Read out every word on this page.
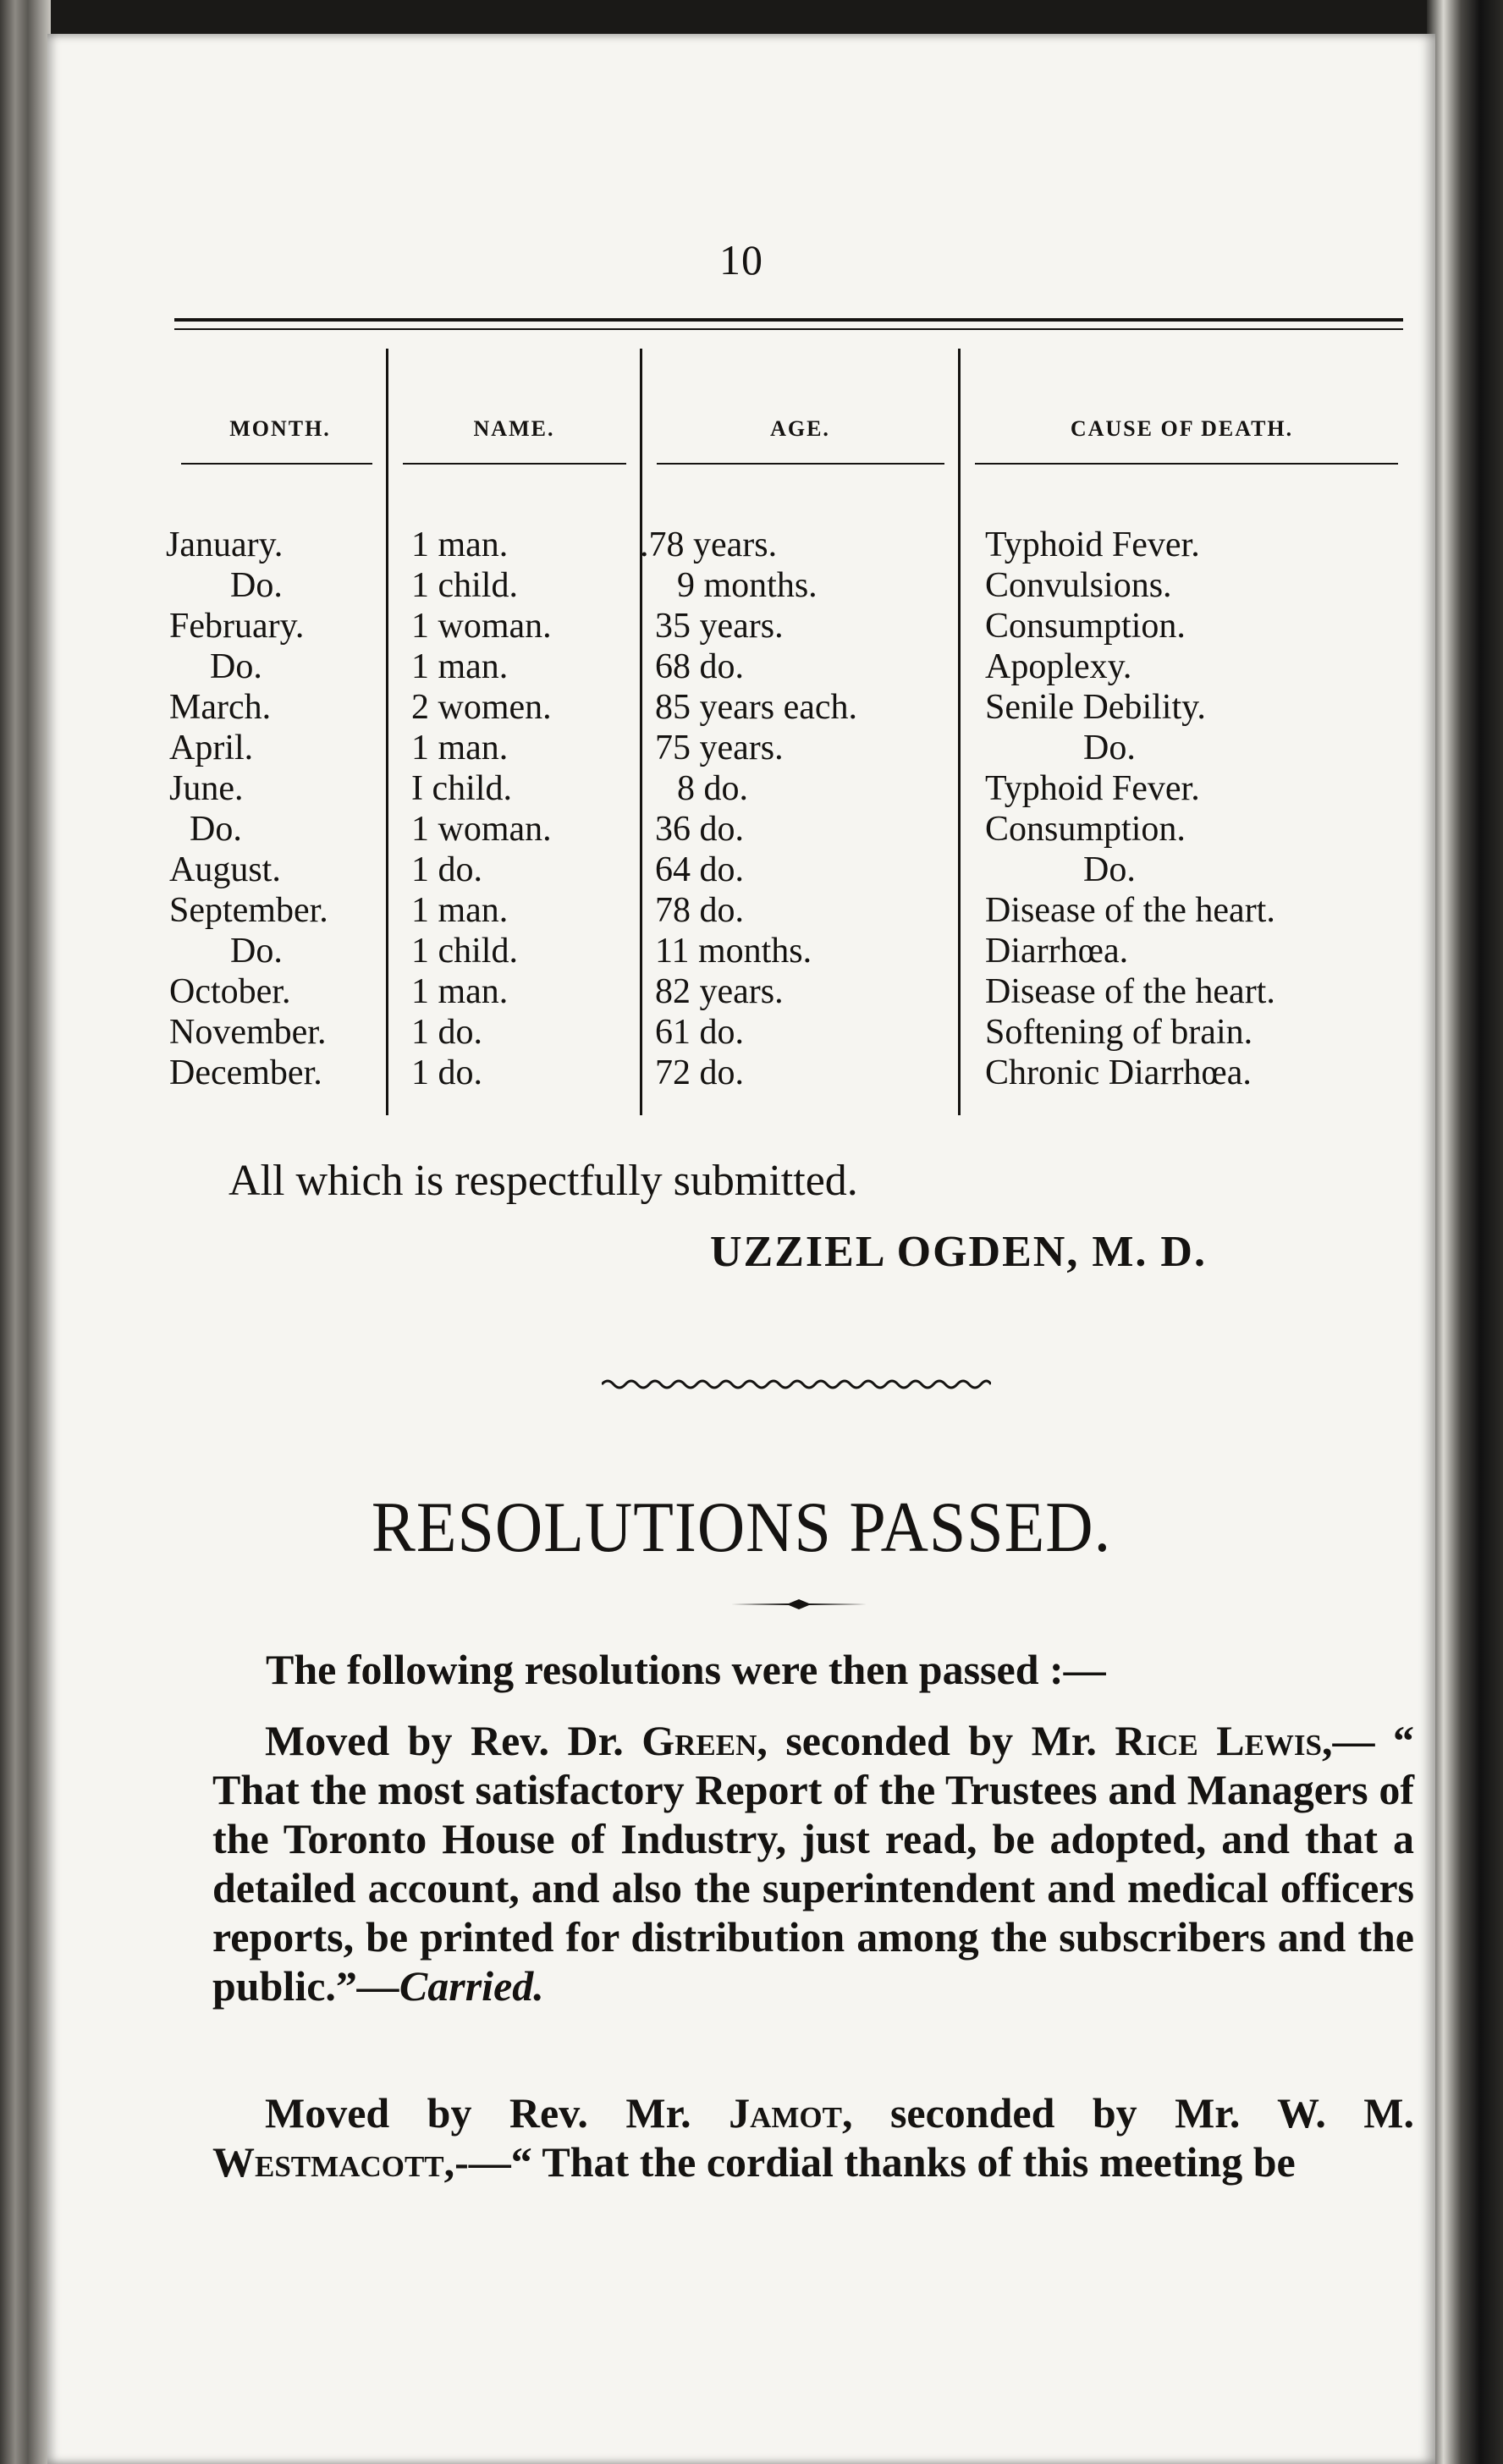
10
MONTH.	NAME.	AGE.	CAUSE OF DEATH.
January.	1 man.	.78 years.	Typhoid Fever.
Do.	1 child.	9 months.	Convulsions.
February.	1 woman.	35 years.	Consumption.
Do.	1 man.	68 do.	Apoplexy.
March.	2 women.	85 years each.	Senile Debility.
April.	1 man.	75 years.	Do.
June.	I child.	8 do.	Typhoid Fever.
Do.	1 woman.	36 do.	Consumption.
August.	1 do.	64 do.	Do.
September. 1 man.	78 do.	Disease of the heart.
Do.	1 child.	11 months.	Diarrhœa.
October.	1 man.	82 years.	Disease of the heart.
November. 1 do.	61 do.	Softening of brain.
December.	1 do.	72 do.	Chronic Diarrhœa.
All which is respectfully submitted.
UZZIEL OGDEN, M. D.
RESOLUTIONS PASSED.
The following resolutions were then passed :—
Moved by Rev. Dr. Green, seconded by Mr. Rice Lewis,— “ That the most satisfactory Report of the Trustees and Managers of the Toronto House of Industry, just read, be adopted, and that a detailed account, and also the superintendent and medical officers reports, be printed for distribution among the subscribers and the public.”—Carried.
Moved by Rev. Mr. Jamot, seconded by Mr. W. M. Westmacott,-—“ That the cordial thanks of this meeting be
